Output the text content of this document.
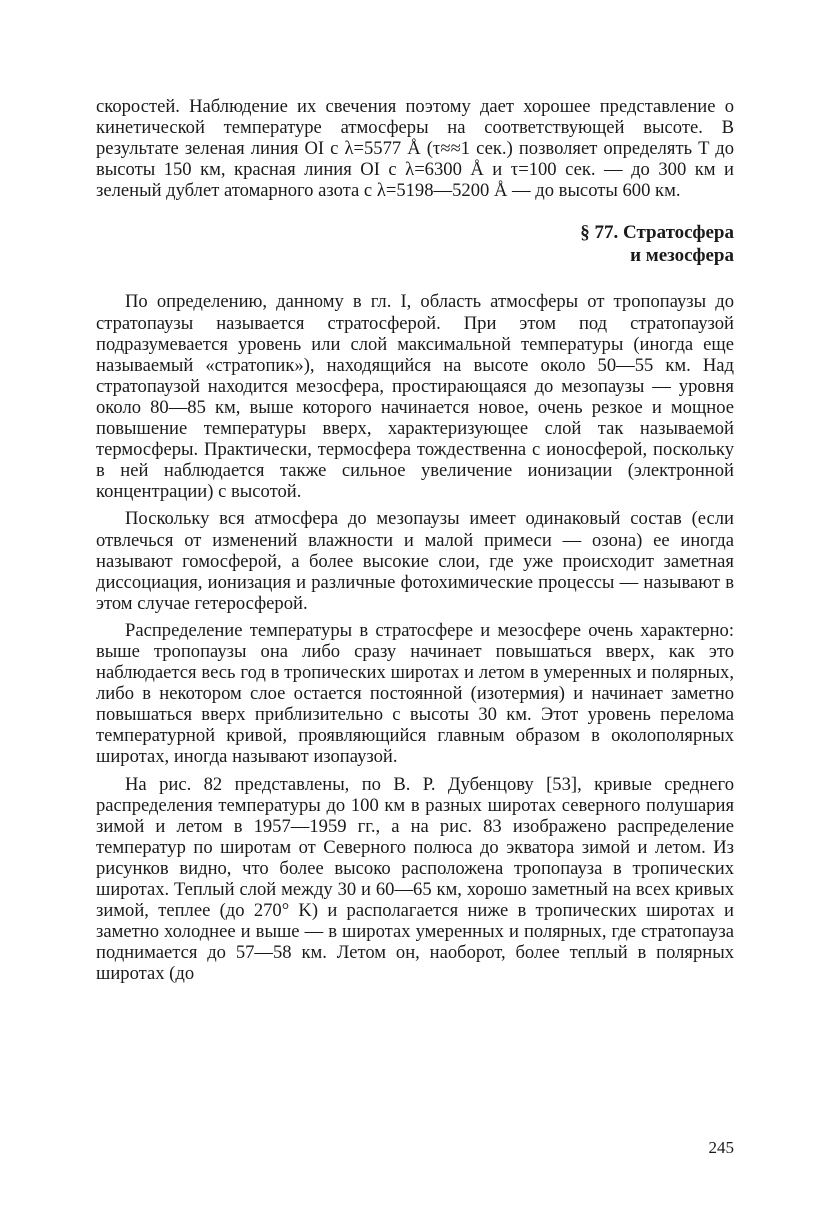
скоростей. Наблюдение их свечения поэтому дает хорошее представление о кинетической температуре атмосферы на соответствующей высоте. В результате зеленая линия OI с λ=5577 Å (τ≈≈1 сек.) позволяет определять T до высоты 150 км, красная линия OI с λ=6300 Å и τ=100 сек. — до 300 км и зеленый дублет атомарного азота с λ=5198—5200 Å — до высоты 600 км.

§ 77. Стратосфера
и мезосфера

По определению, данному в гл. I, область атмосферы от тропопаузы до стратопаузы называется стратосферой. При этом под стратопаузой подразумевается уровень или слой максимальной температуры (иногда еще называемый «стратопик»), находящийся на высоте около 50—55 км. Над стратопаузой находится мезосфера, простирающаяся до мезопаузы — уровня около 80—85 км, выше которого начинается новое, очень резкое и мощное повышение температуры вверх, характеризующее слой так называемой термосферы. Практически, термосфера тождественна с ионосферой, поскольку в ней наблюдается также сильное увеличение ионизации (электронной концентрации) с высотой.

Поскольку вся атмосфера до мезопаузы имеет одинаковый состав (если отвлечься от изменений влажности и малой примеси — озона) ее иногда называют гомосферой, а более высокие слои, где уже происходит заметная диссоциация, ионизация и различные фотохимические процессы — называют в этом случае гетеросферой.

Распределение температуры в стратосфере и мезосфере очень характерно: выше тропопаузы она либо сразу начинает повышаться вверх, как это наблюдается весь год в тропических широтах и летом в умеренных и полярных, либо в некотором слое остается постоянной (изотермия) и начинает заметно повышаться вверх приблизительно с высоты 30 км. Этот уровень перелома температурной кривой, проявляющийся главным образом в околополярных широтах, иногда называют изопаузой.

На рис. 82 представлены, по В. Р. Дубенцову [53], кривые среднего распределения температуры до 100 км в разных широтах северного полушария зимой и летом в 1957—1959 гг., а на рис. 83 изображено распределение температур по широтам от Северного полюса до экватора зимой и летом. Из рисунков видно, что более высоко расположена тропопауза в тропических широтах. Теплый слой между 30 и 60—65 км, хорошо заметный на всех кривых зимой, теплее (до 270° K) и располагается ниже в тропических широтах и заметно холоднее и выше — в широтах умеренных и полярных, где стратопауза поднимается до 57—58 км. Летом он, наоборот, более теплый в полярных широтах (до

245
